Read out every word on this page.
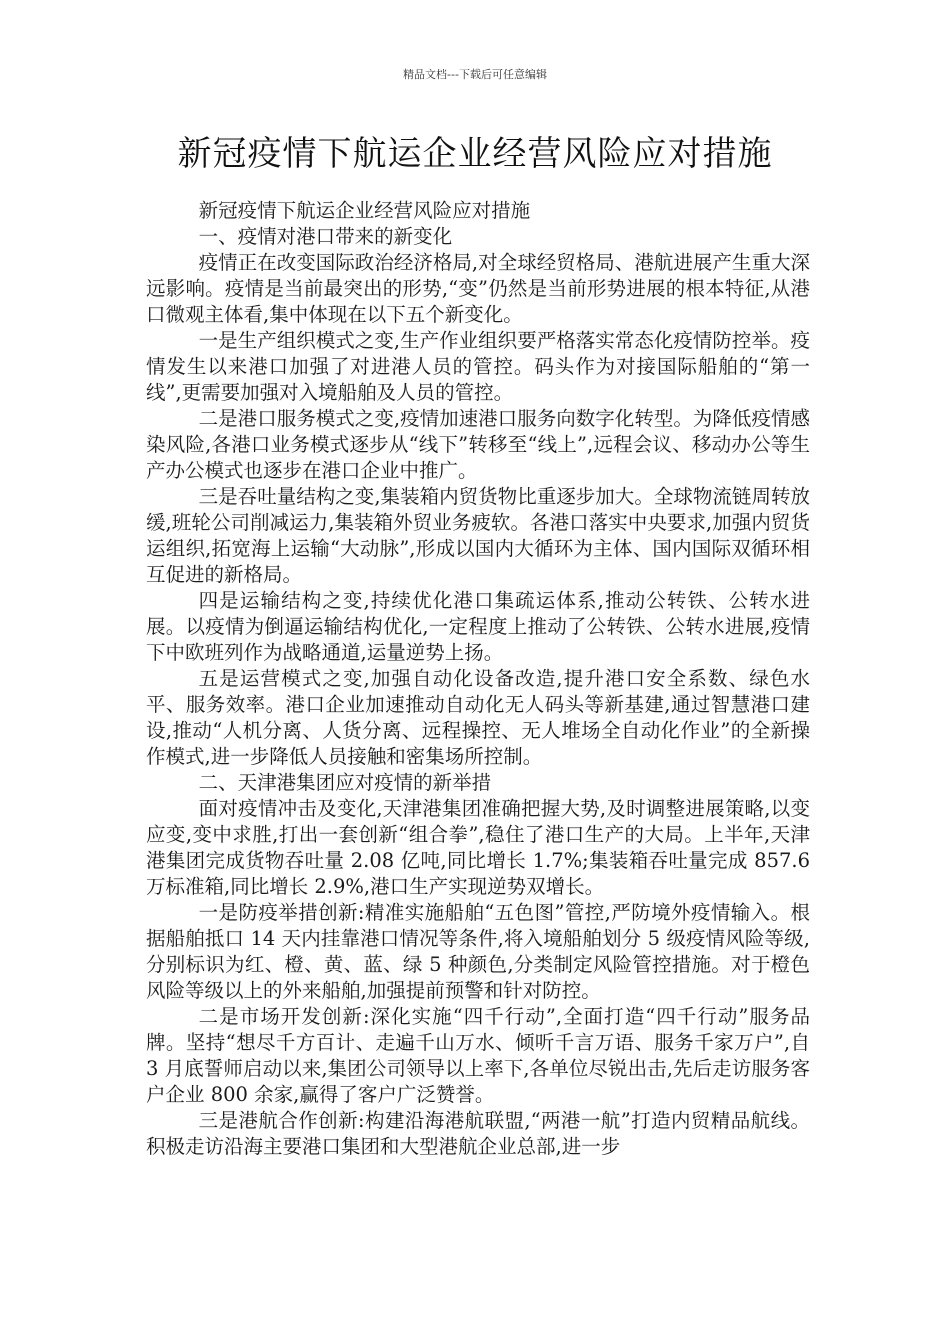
精品文档---下载后可任意编辑
新冠疫情下航运企业经营风险应对措施

新冠疫情下航运企业经营风险应对措施

一、疫情对港口带来的新变化

疫情正在改变国际政治经济格局,对全球经贸格局、港航进展产生重大深远影响。疫情是当前最突出的形势,“变”仍然是当前形势进展的根本特征,从港口微观主体看,集中体现在以下五个新变化。

一是生产组织模式之变,生产作业组织要严格落实常态化疫情防控举。疫情发生以来港口加强了对进港人员的管控。码头作为对接国际船舶的“第一线”,更需要加强对入境船舶及人员的管控。

二是港口服务模式之变,疫情加速港口服务向数字化转型。为降低疫情感染风险,各港口业务模式逐步从“线下”转移至“线上”,远程会议、移动办公等生产办公模式也逐步在港口企业中推广。

三是吞吐量结构之变,集装箱内贸货物比重逐步加大。全球物流链周转放缓,班轮公司削减运力,集装箱外贸业务疲软。各港口落实中央要求,加强内贸货运组织,拓宽海上运输“大动脉”,形成以国内大循环为主体、国内国际双循环相互促进的新格局。

四是运输结构之变,持续优化港口集疏运体系,推动公转铁、公转水进展。以疫情为倒逼运输结构优化,一定程度上推动了公转铁、公转水进展,疫情下中欧班列作为战略通道,运量逆势上扬。

五是运营模式之变,加强自动化设备改造,提升港口安全系数、绿色水平、服务效率。港口企业加速推动自动化无人码头等新基建,通过智慧港口建设,推动“人机分离、人货分离、远程操控、无人堆场全自动化作业”的全新操作模式,进一步降低人员接触和密集场所控制。

二、天津港集团应对疫情的新举措

面对疫情冲击及变化,天津港集团准确把握大势,及时调整进展策略,以变应变,变中求胜,打出一套创新“组合拳”,稳住了港口生产的大局。上半年,天津港集团完成货物吞吐量 2.08 亿吨,同比增长 1.7%;集装箱吞吐量完成 857.6 万标准箱,同比增长 2.9%,港口生产实现逆势双增长。

一是防疫举措创新:精准实施船舶“五色图”管控,严防境外疫情输入。根据船舶抵口 14 天内挂靠港口情况等条件,将入境船舶划分 5 级疫情风险等级,分别标识为红、橙、黄、蓝、绿 5 种颜色,分类制定风险管控措施。对于橙色风险等级以上的外来船舶,加强提前预警和针对防控。

二是市场开发创新:深化实施“四千行动”,全面打造“四千行动”服务品牌。坚持“想尽千方百计、走遍千山万水、倾听千言万语、服务千家万户”,自 3 月底誓师启动以来,集团公司领导以上率下,各单位尽锐出击,先后走访服务客户企业 800 余家,赢得了客户广泛赞誉。

三是港航合作创新:构建沿海港航联盟,“两港一航”打造内贸精品航线。积极走访沿海主要港口集团和大型港航企业总部,进一步
